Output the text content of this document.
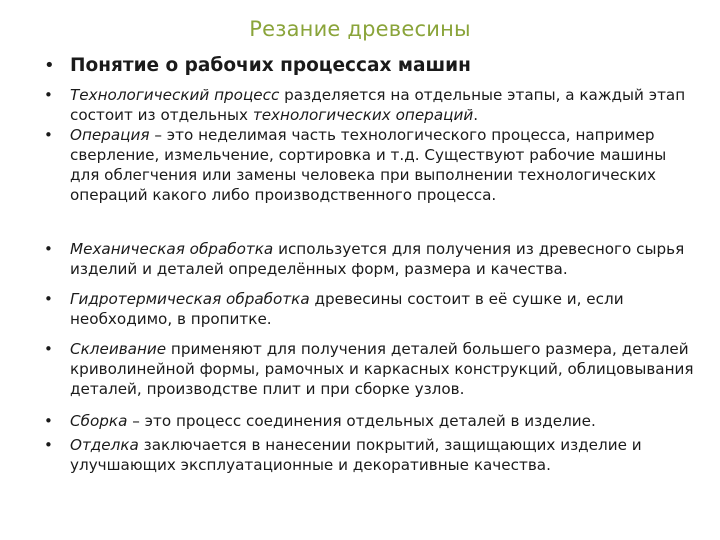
Резание древесины
• Понятие о рабочих процессах машин
•	Технологический процесс разделяется на отдельные этапы, а каждый этап состоит из отдельных технологических операций.
•	Операция – это неделимая часть технологического процесса, например сверление, измельчение, сортировка и т.д. Существуют рабочие машины для облегчения или замены человека при выполнении технологических операций какого либо производственного процесса.
•	Механическая обработка используется для получения из древесного сырья изделий и деталей определённых форм, размера и качества.
•	Гидротермическая обработка древесины состоит в её сушке и, если необходимо, в пропитке.
•	Склеивание применяют для получения деталей большего размера, деталей криволинейной формы, рамочных и каркасных конструкций, облицовывания деталей, производстве плит и при сборке узлов.
•	Сборка – это процесс соединения отдельных деталей в изделие.
•	Отделка заключается в нанесении покрытий, защищающих изделие и улучшающих эксплуатационные и декоративные качества.
